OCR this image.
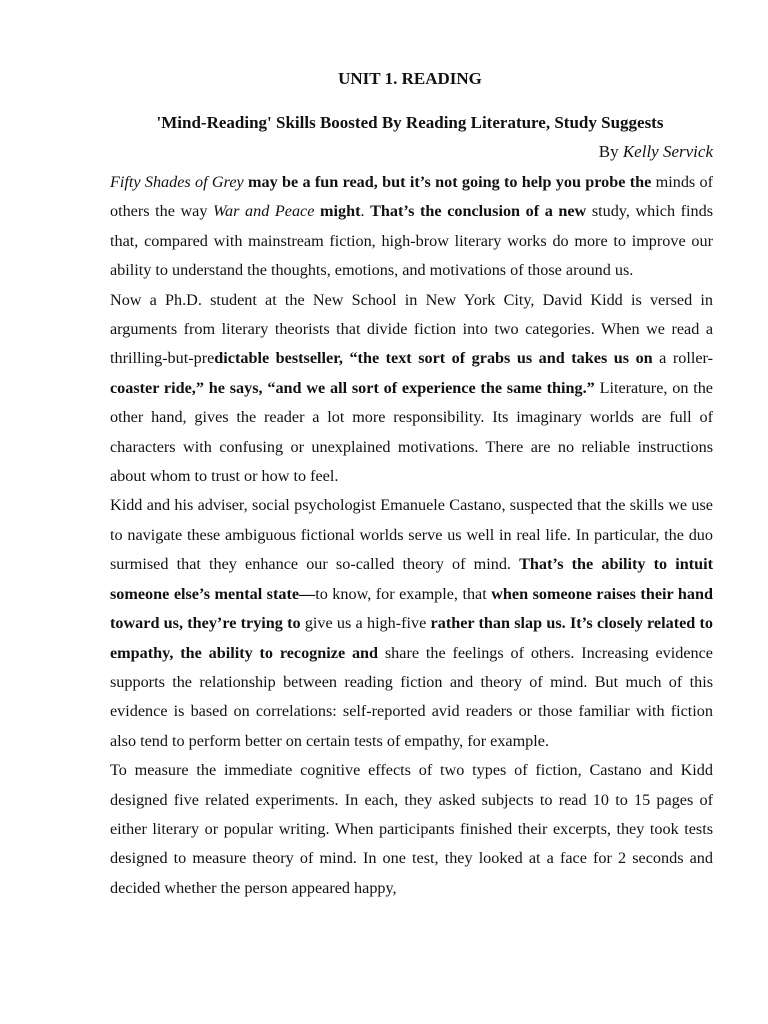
UNIT 1. READING
'Mind-Reading' Skills Boosted By Reading Literature, Study Suggests
By Kelly Servick

Fifty Shades of Grey may be a fun read, but it’s not going to help you probe the minds of others the way War and Peace might. That’s the conclusion of a new study, which finds that, compared with mainstream fiction, high-brow literary works do more to improve our ability to understand the thoughts, emotions, and motivations of those around us.

Now a Ph.D. student at the New School in New York City, David Kidd is versed in arguments from literary theorists that divide fiction into two categories. When we read a thrilling-but-predictable bestseller, “the text sort of grabs us and takes us on a roller-coaster ride,” he says, “and we all sort of experience the same thing.” Literature, on the other hand, gives the reader a lot more responsibility. Its imaginary worlds are full of characters with confusing or unexplained motivations. There are no reliable instructions about whom to trust or how to feel.

Kidd and his adviser, social psychologist Emanuele Castano, suspected that the skills we use to navigate these ambiguous fictional worlds serve us well in real life. In particular, the duo surmised that they enhance our so-called theory of mind. That’s the ability to intuit someone else’s mental state—to know, for example, that when someone raises their hand toward us, they’re trying to give us a high-five rather than slap us. It’s closely related to empathy, the ability to recognize and share the feelings of others. Increasing evidence supports the relationship between reading fiction and theory of mind. But much of this evidence is based on correlations: self-reported avid readers or those familiar with fiction also tend to perform better on certain tests of empathy, for example.

To measure the immediate cognitive effects of two types of fiction, Castano and Kidd designed five related experiments. In each, they asked subjects to read 10 to 15 pages of either literary or popular writing. When participants finished their excerpts, they took tests designed to measure theory of mind. In one test, they looked at a face for 2 seconds and decided whether the person appeared happy,
